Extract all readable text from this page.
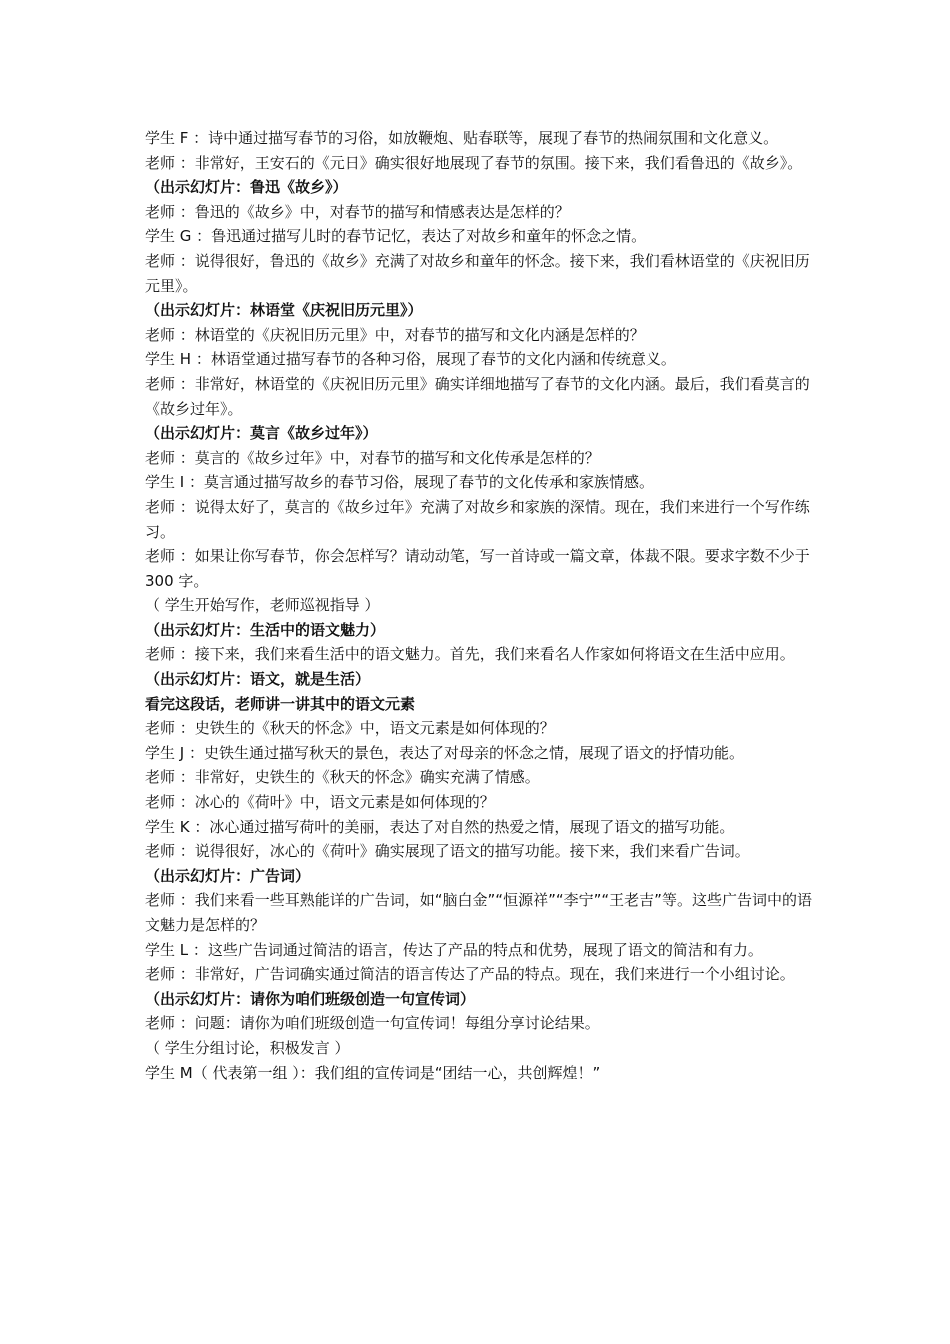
学生 F ：诗中通过描写春节的习俗，如放鞭炮、贴春联等，展现了春节的热闹氛围和文化意义。

老师 ：非常好，王安石的《元日》确实很好地展现了春节的氛围。接下来，我们看鲁迅的《故乡》。

（出示幻灯片：鲁迅《故乡》）

老师 ：鲁迅的《故乡》中，对春节的描写和情感表达是怎样的？

学生 G ：鲁迅通过描写儿时的春节记忆，表达了对故乡和童年的怀念之情。

老师 ：说得很好，鲁迅的《故乡》充满了对故乡和童年的怀念。接下来，我们看林语堂的《庆祝旧历元里》。

（出示幻灯片：林语堂《庆祝旧历元里》）

老师 ：林语堂的《庆祝旧历元里》中，对春节的描写和文化内涵是怎样的？

学生 H ：林语堂通过描写春节的各种习俗，展现了春节的文化内涵和传统意义。

老师 ：非常好，林语堂的《庆祝旧历元里》确实详细地描写了春节的文化内涵。最后，我们看莫言的《故乡过年》。

（出示幻灯片：莫言《故乡过年》）

老师 ：莫言的《故乡过年》中，对春节的描写和文化传承是怎样的？

学生 I ：莫言通过描写故乡的春节习俗，展现了春节的文化传承和家族情感。

老师 ：说得太好了，莫言的《故乡过年》充满了对故乡和家族的深情。现在，我们来进行一个写作练习。

老师 ：如果让你写春节，你会怎样写？请动动笔，写一首诗或一篇文章，体裁不限。要求字数不少于 300 字。

（ 学生开始写作，老师巡视指导 ）

（出示幻灯片：生活中的语文魅力）

老师 ：接下来，我们来看生活中的语文魅力。首先，我们来看名人作家如何将语文在生活中应用。

（出示幻灯片：语文，就是生活）

看完这段话，老师讲一讲其中的语文元素

老师 ：史铁生的《秋天的怀念》中，语文元素是如何体现的？

学生 J ：史铁生通过描写秋天的景色，表达了对母亲的怀念之情，展现了语文的抒情功能。

老师 ：非常好，史铁生的《秋天的怀念》确实充满了情感。

老师 ：冰心的《荷叶》中，语文元素是如何体现的？

学生 K ：冰心通过描写荷叶的美丽，表达了对自然的热爱之情，展现了语文的描写功能。

老师 ：说得很好，冰心的《荷叶》确实展现了语文的描写功能。接下来，我们来看广告词。

（出示幻灯片：广告词）

老师 ：我们来看一些耳熟能详的广告词，如“脑白金”“恒源祥”“李宁”“王老吉”等。这些广告词中的语文魅力是怎样的？

学生 L ：这些广告词通过简洁的语言，传达了产品的特点和优势，展现了语文的简洁和有力。

老师 ：非常好，广告词确实通过简洁的语言传达了产品的特点。现在，我们来进行一个小组讨论。

（出示幻灯片：请你为咱们班级创造一句宣传词）

老师 ：问题：请你为咱们班级创造一句宣传词！每组分享讨论结果。

（ 学生分组讨论，积极发言 ）

学生 M（ 代表第一组 ）：我们组的宣传词是“团结一心，共创辉煌！”
